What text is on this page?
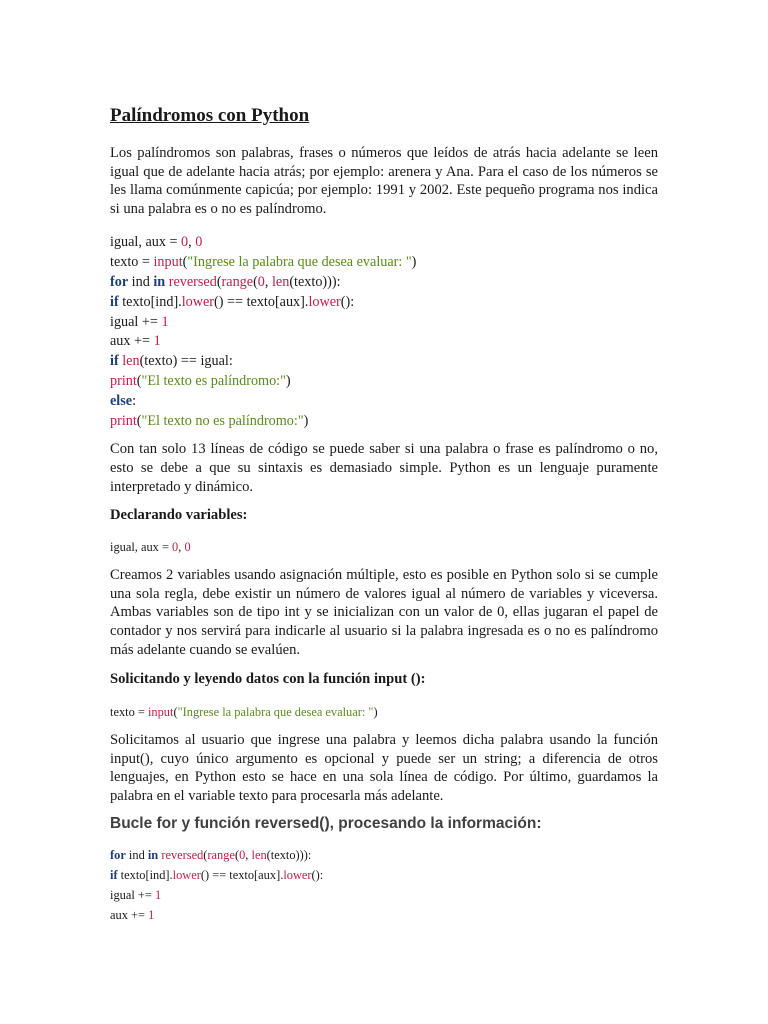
Palíndromos con Python

Los palíndromos son palabras, frases o números que leídos de atrás hacia adelante se leen igual que de adelante hacia atrás; por ejemplo: arenera y Ana. Para el caso de los números se les llama comúnmente capicúa; por ejemplo: 1991 y 2002. Este pequeño programa nos indica si una palabra es o no es palíndromo.

igual, aux = 0, 0
texto = input("Ingrese la palabra que desea evaluar: ")
for ind in reversed(range(0, len(texto))):
if texto[ind].lower() == texto[aux].lower():
igual += 1
aux += 1
if len(texto) == igual:
print("El texto es palíndromo:")
else:
print("El texto no es palíndromo:")

Con tan solo 13 líneas de código se puede saber si una palabra o frase es palíndromo o no, esto se debe a que su sintaxis es demasiado simple. Python es un lenguaje puramente interpretado y dinámico.

Declarando variables:

igual, aux = 0, 0

Creamos 2 variables usando asignación múltiple, esto es posible en Python solo si se cumple una sola regla, debe existir un número de valores igual al número de variables y viceversa. Ambas variables son de tipo int y se inicializan con un valor de 0, ellas jugaran el papel de contador y nos servirá para indicarle al usuario si la palabra ingresada es o no es palíndromo más adelante cuando se evalúen.

Solicitando y leyendo datos con la función input ():

texto = input("Ingrese la palabra que desea evaluar: ")

Solicitamos al usuario que ingrese una palabra y leemos dicha palabra usando la función input(), cuyo único argumento es opcional y puede ser un string; a diferencia de otros lenguajes, en Python esto se hace en una sola línea de código. Por último, guardamos la palabra en el variable texto para procesarla más adelante.

Bucle for y función reversed(), procesando la información:

for ind in reversed(range(0, len(texto))):
if texto[ind].lower() == texto[aux].lower():
igual += 1
aux += 1
